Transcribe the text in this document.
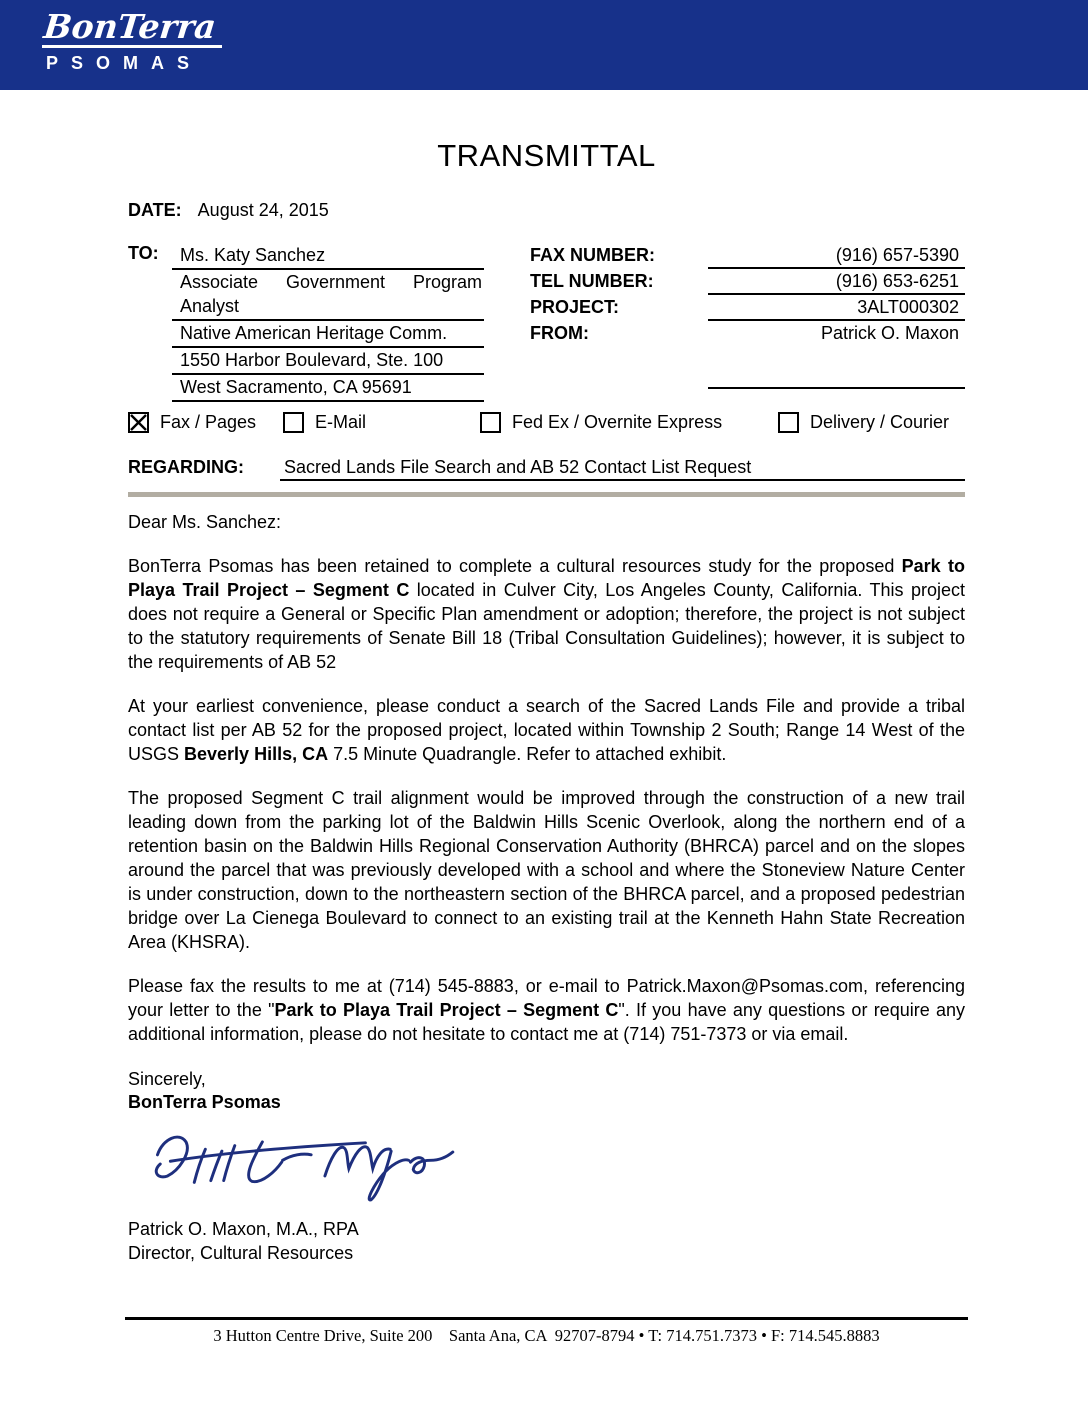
BonTerra
PSOMAS
TRANSMITTAL
DATE: August 24, 2015
TO:	Ms. Katy Sanchez
Associate Government Program Analyst
Native American Heritage Comm.
1550 Harbor Boulevard, Ste. 100
West Sacramento, CA 95691
FAX NUMBER:	(916) 657-5390
TEL NUMBER:	(916) 653-6251
PROJECT:	3ALT000302
FROM:	Patrick O. Maxon
Fax / Pages	E-Mail	Fed Ex / Overnite Express	Delivery / Courier
REGARDING:	Sacred Lands File Search and AB 52 Contact List Request
Dear Ms. Sanchez:

BonTerra Psomas has been retained to complete a cultural resources study for the proposed Park to Playa Trail Project – Segment C located in Culver City, Los Angeles County, California. This project does not require a General or Specific Plan amendment or adoption; therefore, the project is not subject to the statutory requirements of Senate Bill 18 (Tribal Consultation Guidelines); however, it is subject to the requirements of AB 52

At your earliest convenience, please conduct a search of the Sacred Lands File and provide a tribal contact list per AB 52 for the proposed project, located within Township 2 South; Range 14 West of the USGS Beverly Hills, CA 7.5 Minute Quadrangle. Refer to attached exhibit.

The proposed Segment C trail alignment would be improved through the construction of a new trail leading down from the parking lot of the Baldwin Hills Scenic Overlook, along the northern end of a retention basin on the Baldwin Hills Regional Conservation Authority (BHRCA) parcel and on the slopes around the parcel that was previously developed with a school and where the Stoneview Nature Center is under construction, down to the northeastern section of the BHRCA parcel, and a proposed pedestrian bridge over La Cienega Boulevard to connect to an existing trail at the Kenneth Hahn State Recreation Area (KHSRA).

Please fax the results to me at (714) 545-8883, or e-mail to Patrick.Maxon@Psomas.com, referencing your letter to the "Park to Playa Trail Project – Segment C". If you have any questions or require any additional information, please do not hesitate to contact me at (714) 751-7373 or via email.

Sincerely,
BonTerra Psomas
Patrick O. Maxon, M.A., RPA
Director, Cultural Resources
3 Hutton Centre Drive, Suite 200    Santa Ana, CA  92707-8794 • T: 714.751.7373 • F: 714.545.8883
